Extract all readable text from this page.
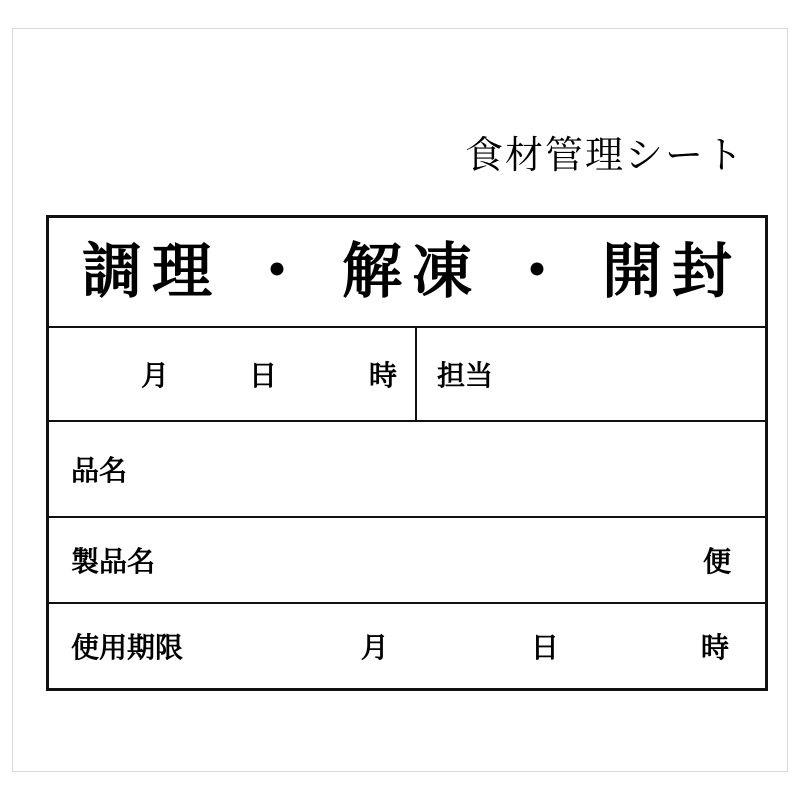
食材管理シート
調理 ・ 解凍 ・ 開封
月	日	時 担当
品名
製品名	便
使用期限	月	日	時
